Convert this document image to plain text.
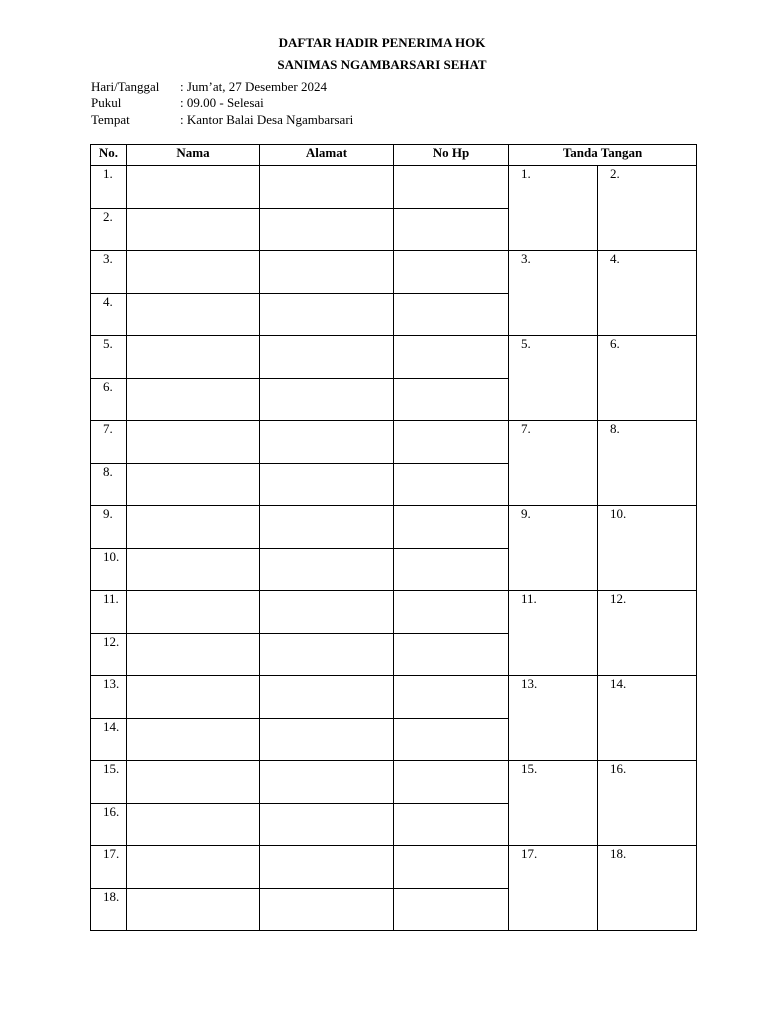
DAFTAR HADIR PENERIMA HOK
SANIMAS NGAMBARSARI SEHAT
Hari/Tanggal : Jum’at, 27 Desember 2024
Pukul	: 09.00 - Selesai
Tempat	: Kantor Balai Desa Ngambarsari
No.	Nama	Alamat	No Hp	Tanda Tangan	
1.				1.	2.
2.					
3.				3.	4.
4.					
5.				5.	6.
6.					
7.				7.	8.
8.					
9.				9.	10.
10.					
11.				11.	12.
12.					
13.				13.	14.
14.					
15.				15.	16.
16.					
17.				17.	18.
18.					
